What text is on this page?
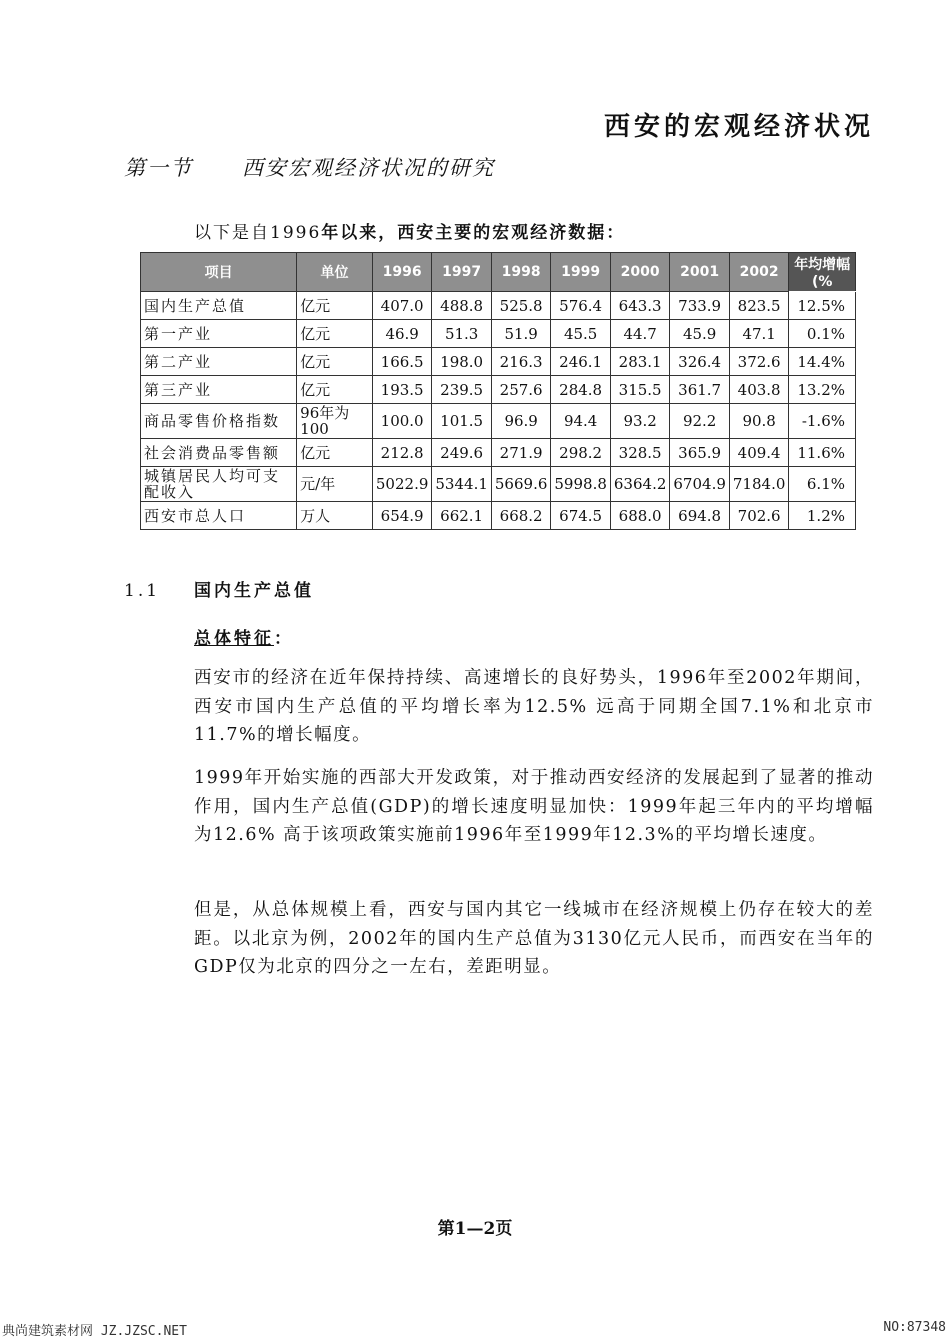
西安的宏观经济状况
第一节 西安宏观经济状况的研究
以下是自1996年以来，西安主要的宏观经济数据：
项目	单位	1996	1997	1998	1999	2000	2001	2002	年均增幅(%
国内生产总值	亿元	407.0	488.8	525.8	576.4	643.3	733.9	823.5	12.5%
第一产业	亿元	46.9	51.3	51.9	45.5	44.7	45.9	47.1	0.1%
第二产业	亿元	166.5	198.0	216.3	246.1	283.1	326.4	372.6	14.4%
第三产业	亿元	193.5	239.5	257.6	284.8	315.5	361.7	403.8	13.2%
商品零售价格指数	96年为100	100.0	101.5	96.9	94.4	93.2	92.2	90.8	-1.6%
社会消费品零售额	亿元	212.8	249.6	271.9	298.2	328.5	365.9	409.4	11.6%
城镇居民人均可支配收入	元/年	5022.9	5344.1	5669.6	5998.8	6364.2	6704.9	7184.0	6.1%
西安市总人口	万人	654.9	662.1	668.2	674.5	688.0	694.8	702.6	1.2%
1.1 国内生产总值
总体特征：
西安市的经济在近年保持持续、高速增长的良好势头，1996年至2002年期间，西安市国内生产总值的平均增长率为12.5% 远高于同期全国7.1%和北京市11.7%的增长幅度。
1999年开始实施的西部大开发政策，对于推动西安经济的发展起到了显著的推动作用，国内生产总值(GDP)的增长速度明显加快：1999年起三年内的平均增幅为12.6% 高于该项政策实施前1996年至1999年12.3%的平均增长速度。
但是，从总体规模上看，西安与国内其它一线城市在经济规模上仍存在较大的差距。以北京为例，2002年的国内生产总值为3130亿元人民币，而西安在当年的GDP仅为北京的四分之一左右，差距明显。
第1—2页
典尚建筑素材网 JZ.JZSC.NET	NO:87348
